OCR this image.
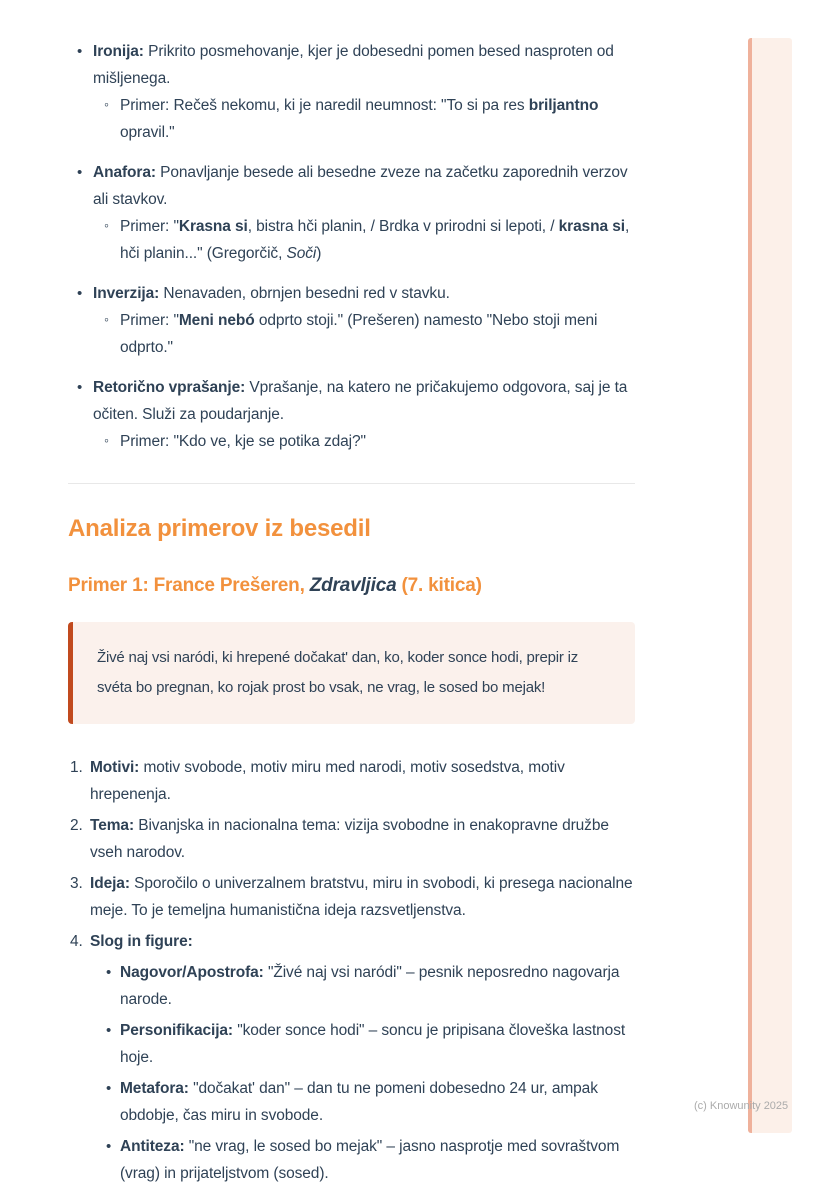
• Ironija: Prikrito posmehovanje, kjer je dobesedni pomen besed nasproten od mišljenega.
◦ Primer: Rečeš nekomu, ki je naredil neumnost: "To si pa res briljantno opravil."
• Anafora: Ponavljanje besede ali besedne zveze na začetku zaporednih verzov ali stavkov.
◦ Primer: "Krasna si, bistra hči planin, / Brdka v prirodni si lepoti, / krasna si, hči planin..." (Gregorčič, Soči)
• Inverzija: Nenavaden, obrnjen besedni red v stavku.
◦ Primer: "Meni nebó odprto stoji." (Prešeren) namesto "Nebo stoji meni odprto."
• Retorično vprašanje: Vprašanje, na katero ne pričakujemo odgovora, saj je ta očiten. Služi za poudarjanje.
◦ Primer: "Kdo ve, kje se potika zdaj?"
Analiza primerov iz besedil
Primer 1: France Prešeren, Zdravljica (7. kitica)
Živé naj vsi naródi, ki hrepené dočakat' dan, ko, koder sonce hodi, prepir iz svéta bo pregnan, ko rojak prost bo vsak, ne vrag, le sosed bo mejak!
1. Motivi: motiv svobode, motiv miru med narodi, motiv sosedstva, motiv hrepenenja.
2. Tema: Bivanjska in nacionalna tema: vizija svobodne in enakopravne družbe vseh narodov.
3. Ideja: Sporočilo o univerzalnem bratstvu, miru in svobodi, ki presega nacionalne meje. To je temeljna humanistična ideja razsvetljenstva.
4. Slog in figure:
• Nagovor/Apostrofa: "Živé naj vsi naródi" – pesnik neposredno nagovarja narode.
• Personifikacija: "koder sonce hodi" – soncu je pripisana človeška lastnost hoje.
• Metafora: "dočakat' dan" – dan tu ne pomeni dobesedno 24 ur, ampak obdobje, čas miru in svobode.
• Antiteza: "ne vrag, le sosed bo mejak" – jasno nasprotje med sovraštvom (vrag) in prijateljstvom (sosed).
(c) Knowunity 2025
